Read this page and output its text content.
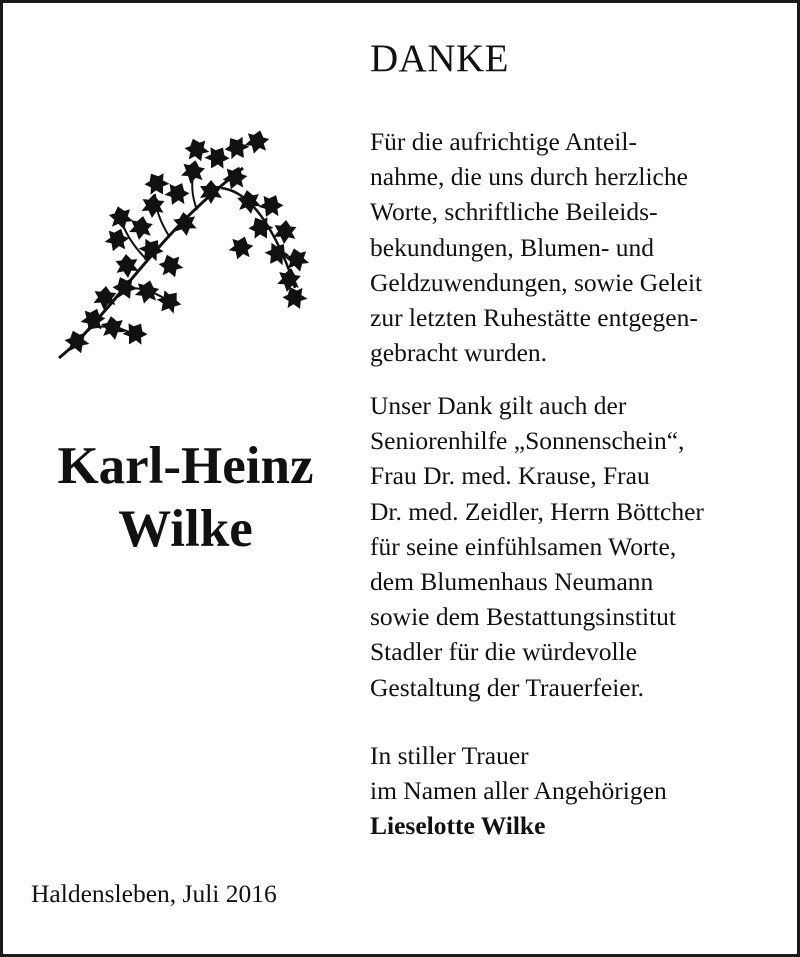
DANKE
Für die aufrichtige Anteil-
nahme, die uns durch herzliche
Worte, schriftliche Beileids-
bekundungen, Blumen- und
Geldzuwendungen, sowie Geleit
zur letzten Ruhestätte entgegen-
gebracht wurden.
Unser Dank gilt auch der
Seniorenhilfe „Sonnenschein“,
Frau Dr. med. Krause, Frau
Dr. med. Zeidler, Herrn Böttcher
für seine einfühlsamen Worte,
dem Blumenhaus Neumann
sowie dem Bestattungsinstitut
Stadler für die würdevolle
Gestaltung der Trauerfeier.
In stiller Trauer
im Namen aller Angehörigen
Lieselotte Wilke
Karl-Heinz
Wilke
Haldensleben, Juli 2016
